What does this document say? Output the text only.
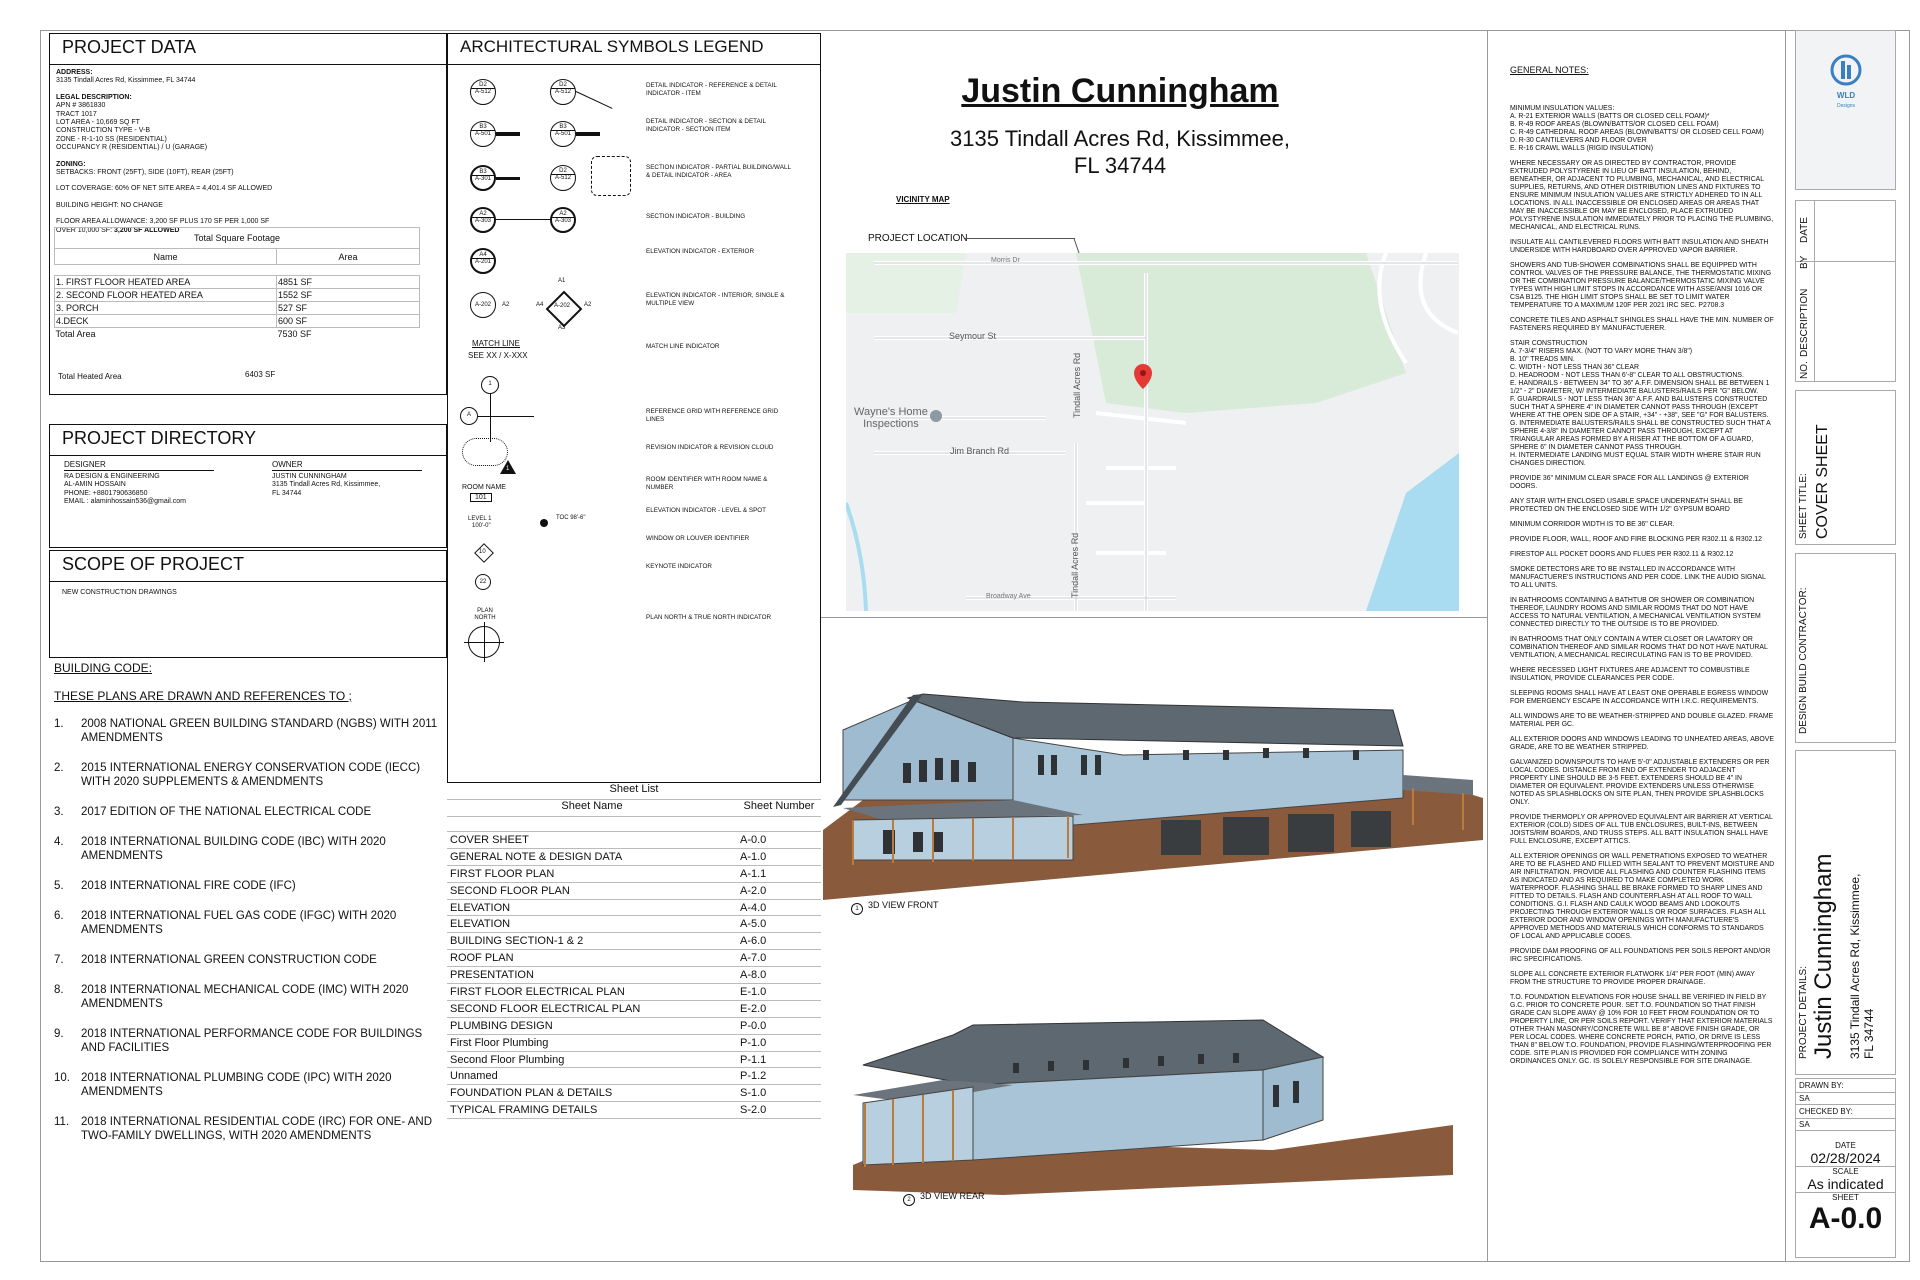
PROJECT DATA
ADDRESS:
3135 Tindall Acres Rd, Kissimmee, FL 34744
LEGAL DESCRIPTION:
APN # 3861830
TRACT 1017
LOT AREA - 10,669 SQ FT
CONSTRUCTION TYPE - V-B
ZONE - R-1-10 SS (RESIDENTIAL)
OCCUPANCY R (RESIDENTIAL) / U (GARAGE)
ZONING:
SETBACKS: FRONT (25FT), SIDE (10FT), REAR (25FT)
LOT COVERAGE: 60% OF NET SITE AREA = 4,401.4 SF ALLOWED
BUILDING HEIGHT: NO CHANGE
FLOOR AREA ALLOWANCE: 3,200 SF PLUS 170 SF PER 1,000 SF
OVER 10,000 SF: 3,200 SF ALLOWED
Total Square Footage	
Name	Area

1. FIRST FLOOR HEATED AREA	4851 SF
2. SECOND FLOOR HEATED AREA	1552 SF
3. PORCH	527 SF
4.DECK	600 SF
Total Area	7530 SF
Total Heated Area	6403 SF
PROJECT DIRECTORY
DESIGNER
RA DESIGN & ENGINEERING
AL-AMIN HOSSAIN
PHONE: +8801790636850
EMAIL : alaminhossain536@gmail.com
OWNER
JUSTIN CUNNINGHAM
3135 Tindall Acres Rd, Kissimmee,
FL 34744
SCOPE OF PROJECT
NEW CONSTRUCTION DRAWINGS
BUILDING CODE:
THESE PLANS ARE DRAWN AND REFERENCES TO ;
1.	2008 NATIONAL GREEN BUILDING STANDARD (NGBS) WITH 2011 AMENDMENTS
2.	2015 INTERNATIONAL ENERGY CONSERVATION CODE (IECC) WITH 2020 SUPPLEMENTS & AMENDMENTS
3.	2017 EDITION OF THE NATIONAL ELECTRICAL CODE
4.	2018 INTERNATIONAL BUILDING CODE (IBC) WITH 2020 AMENDMENTS
5.	2018 INTERNATIONAL FIRE CODE (IFC)
6.	2018 INTERNATIONAL FUEL GAS CODE (IFGC) WITH 2020 AMENDMENTS
7.	2018 INTERNATIONAL GREEN CONSTRUCTION CODE
8.	2018 INTERNATIONAL MECHANICAL CODE (IMC) WITH 2020 AMENDMENTS
9.	2018 INTERNATIONAL PERFORMANCE CODE FOR BUILDINGS AND FACILITIES
10. 2018 INTERNATIONAL PLUMBING CODE (IPC) WITH 2020 AMENDMENTS
11.	2018 INTERNATIONAL RESIDENTIAL CODE (IRC) FOR ONE- AND TWO-FAMILY DWELLINGS, WITH 2020 AMENDMENTS
ARCHITECTURAL SYMBOLS LEGEND
DETAIL INDICATOR - REFERENCE & DETAIL INDICATOR - ITEM
DETAIL INDICATOR - SECTION & DETAIL INDICATOR - SECTION ITEM
SECTION INDICATOR - PARTIAL BUILDING/WALL & DETAIL INDICATOR - AREA
SECTION INDICATOR - BUILDING
ELEVATION INDICATOR - EXTERIOR
ELEVATION INDICATOR - INTERIOR, SINGLE & MULTIPLE VIEW
MATCH LINE INDICATOR
REFERENCE GRID WITH REFERENCE GRID LINES
REVISION INDICATOR & REVISION CLOUD
ROOM IDENTIFIER WITH ROOM NAME & NUMBER
ELEVATION INDICATOR - LEVEL & SPOT
WINDOW OR LOUVER IDENTIFIER
KEYNOTE INDICATOR
PLAN NORTH & TRUE NORTH INDICATOR
D2
A-512
D2
A-512
B3
A-501
B3
A-501
B3
A-301
D2
A-512
A2
A-303
A2
A-303
A4
A-201
A-202	A2	A-202
A1
A4	A2
A3
MATCH LINE
SEE XX / X-XXX
1
A
1
ROOM NAME
101
LEVEL 1
100'-0"
TOC 98'-6"
10
22
PLAN NORTH
Sheet List
Sheet Name	Sheet Number
COVER SHEET	A-0.0
GENERAL NOTE & DESIGN DATA	A-1.0
FIRST FLOOR PLAN	A-1.1
SECOND FLOOR PLAN	A-2.0
ELEVATION	A-4.0
ELEVATION	A-5.0
BUILDING SECTION-1 & 2	A-6.0
ROOF PLAN	A-7.0
PRESENTATION	A-8.0
FIRST FLOOR ELECTRICAL PLAN	E-1.0
SECOND FLOOR ELECTRICAL PLAN	E-2.0
PLUMBING DESIGN	P-0.0
First Floor Plumbing	P-1.0
Second Floor Plumbing	P-1.1
Unnamed	P-1.2
FOUNDATION PLAN & DETAILS	S-1.0
TYPICAL FRAMING DETAILS	S-2.0
Justin Cunningham
3135 Tindall Acres Rd, Kissimmee,
FL 34744
VICINITY MAP
PROJECT LOCATION
Morris Dr
Seymour St
Tindall Acres Rd
Jim Branch Rd
Tindall Acres Rd
Broadway Ave
Wayne's Home
Inspections
1	3D VIEW FRONT
2	3D VIEW REAR
GENERAL NOTES:

MINIMUM INSULATION VALUES:
A. R-21 EXTERIOR WALLS (BATTS OR CLOSED CELL FOAM)*
B. R-49 ROOF AREAS (BLOWN/BATTS/OR CLOSED CELL FOAM)
C. R-49 CATHEDRAL ROOF AREAS (BLOWN/BATTS/ OR CLOSED CELL FOAM)
D. R-30 CANTILEVERS AND FLOOR OVER
E. R-16 CRAWL WALLS (RIGID INSULATION)

WHERE NECESSARY OR AS DIRECTED BY CONTRACTOR, PROVIDE EXTRUDED POLYSTYRENE IN LIEU OF BATT INSULATION, BEHIND, BENEATHER, OR ADJACENT TO PLUMBING, MECHANICAL, AND ELECTRICAL SUPPLIES, RETURNS, AND OTHER DISTRIBUTION LINES AND FIXTURES TO ENSURE MINIMUM INSULATION VALUES ARE STRICTLY ADHERED TO IN ALL LOCATIONS. IN ALL INACCESSIBLE OR ENCLOSED AREAS OR AREAS THAT MAY BE INACCESSIBLE OR MAY BE ENCLOSED, PLACE EXTRUDED POLYSTYRENE INSULATION IMMEDIATELY PRIOR TO PLACING THE PLUMBING, MECHANICAL, AND ELECTRICAL RUNS.

INSULATE ALL CANTILEVERED FLOORS WITH BATT INSULATION AND SHEATH UNDERSIDE WITH HARDBOARD OVER APPROVED VAPOR BARRIER.

SHOWERS AND TUB-SHOWER COMBINATIONS SHALL BE EQUIPPED WITH CONTROL VALVES OF THE PRESSURE BALANCE, THE THERMOSTATIC MIXING OR THE COMBINATION PRESSURE BALANCE/THERMOSTATIC MIXING VALVE TYPES WITH HIGH LIMIT STOPS IN ACCORDANCE WITH ASSE/ANSI 1016 OR CSA B125. THE HIGH LIMIT STOPS SHALL BE SET TO LIMIT WATER TEMPERATURE TO A MAXIMUM 120F PER 2021 IRC SEC. P2708.3

CONCRETE TILES AND ASPHALT SHINGLES SHALL HAVE THE MIN. NUMBER OF FASTENERS REQUIRED BY MANUFACTUERER.

STAIR CONSTRUCTION
A. 7-3/4" RISERS MAX. (NOT TO VARY MORE THAN 3/8")
B. 10" TREADS MIN.
C. WIDTH - NOT LESS THAN 36" CLEAR
D. HEADROOM - NOT LESS THAN 6'-8" CLEAR TO ALL OBSTRUCTIONS.
E. HANDRAILS - BETWEEN 34" TO 36" A.F.F. DIMENSION SHALL BE BETWEEN 1 1/2" - 2" DIAMETER, W/ INTERMEDIATE BALUSTERS/RAILS PER "G" BELOW.
F. GUARDRAILS - NOT LESS THAN 36" A.F.F. AND BALUSTERS CONSTRUCTED SUCH THAT A SPHERE 4" IN DIAMETER CANNOT PASS THROUGH (EXCEPT WHERE AT THE OPEN SIDE OF A STAIR, +34" - +38", SEE "G" FOR BALUSTERS.
G. INTERMEDIATE BALUSTERS/RAILS SHALL BE CONSTRUCTED SUCH THAT A SPHERE 4-3/8" IN DIAMETER CANNOT PASS THROUGH, EXCEPT AT TRIANGULAR AREAS FORMED BY A RISER AT THE BOTTOM OF A GUARD, SPHERE 6" IN DIAMETER CANNOT PASS THROUGH.
H. INTERMEDIATE LANDING MUST EQUAL STAIR WIDTH WHERE STAIR RUN CHANGES DIRECTION.

PROVIDE 36" MINIMUM CLEAR SPACE FOR ALL LANDINGS @ EXTERIOR DOORS.

ANY STAIR WITH ENCLOSED USABLE SPACE UNDERNEATH SHALL BE PROTECTED ON THE ENCLOSED SIDE WITH 1/2" GYPSUM BOARD

MINIMUM CORRIDOR WIDTH IS TO BE 36" CLEAR.

PROVIDE FLOOR, WALL, ROOF AND FIRE BLOCKING PER R302.11 & R302.12

FIRESTOP ALL POCKET DOORS AND FLUES PER R302.11 & R302.12

SMOKE DETECTORS ARE TO BE INSTALLED IN ACCORDANCE WITH MANUFACTUERE'S INSTRUCTIONS AND PER CODE. LINK THE AUDIO SIGNAL TO ALL UNITS.

IN BATHROOMS CONTAINING A BATHTUB OR SHOWER OR COMBINATION THEREOF, LAUNDRY ROOMS AND SIMILAR ROOMS THAT DO NOT HAVE ACCESS TO NATURAL VENTILATION, A MECHANICAL VENTILATION SYSTEM CONNECTED DIRECTLY TO THE OUTSIDE IS TO BE PROVIDED.

IN BATHROOMS THAT ONLY CONTAIN A WTER CLOSET OR LAVATORY OR COMBINATION THEREOF AND SIMILAR ROOMS THAT DO NOT HAVE NATURAL VENTILATION, A MECHANICAL RECIRCULATING FAN IS TO BE PROVIDED.

WHERE RECESSED LIGHT FIXTURES ARE ADJACENT TO COMBUSTIBLE INSULATION, PROVIDE CLEARANCES PER CODE.

SLEEPING ROOMS SHALL HAVE AT LEAST ONE OPERABLE EGRESS WINDOW FOR EMERGENCY ESCAPE IN ACCORDANCE WITH I.R.C. REQUIREMENTS.

ALL WINDOWS ARE TO BE WEATHER-STRIPPED AND DOUBLE GLAZED. FRAME MATERIAL PER GC.

ALL EXTERIOR DOORS AND WINDOWS LEADING TO UNHEATED AREAS, ABOVE GRADE, ARE TO BE WEATHER STRIPPED.

GALVANIZED DOWNSPOUTS TO HAVE 5'-0" ADJUSTABLE EXTENDERS OR PER LOCAL CODES. DISTANCE FROM END OF EXTENDER TO ADJACENT PROPERTY LINE SHOULD BE 3-5 FEET. EXTENDERS SHOULD BE 4" IN DIAMETER OR EQUIVALENT. PROVIDE EXTENDERS UNLESS OTHERWISE NOTED AS SPLASHBLOCKS ON SITE PLAN, THEN PROVIDE SPLASHBLOCKS ONLY.

PROVIDE THERMOPLY OR APPROVED EQUIVALENT AIR BARRIER AT VERTICAL EXTERIOR (COLD) SIDES OF ALL TUB ENCLOSURES, BUILT-INS, BETWEEN JOISTS/RIM BOARDS, AND TRUSS STEPS. ALL BATT INSULATION SHALL HAVE FULL ENCLOSURE, EXCEPT ATTICS.

ALL EXTERIOR OPENINGS OR WALL PENETRATIONS EXPOSED TO WEATHER ARE TO BE FLASHED AND FILLED WITH SEALANT TO PREVENT MOISTURE AND AIR INFILTRATION. PROVIDE ALL FLASHING AND COUNTER FLASHING ITEMS AS INDICATED AND AS REQUIRED TO MAKE COMPLETED WORK WATERPROOF. FLASHING SHALL BE BRAKE FORMED TO SHARP LINES AND FITTED TO DETAILS. FLASH AND COUNTERFLASH AT ALL ROOF TO WALL CONDITIONS. G.I. FLASH AND CAULK WOOD BEAMS AND LOOKOUTS PROJECTING THROUGH EXTERIOR WALLS OR ROOF SURFACES. FLASH ALL EXTERIOR DOOR AND WINDOW OPENINGS WITH MANUFACTUERE'S APPROVED METHODS AND MATERIALS WHICH CONFORMS TO STANDARDS OF LOCAL AND APPLICABLE CODES.

PROVIDE DAM PROOFING OF ALL FOUNDATIONS PER SOILS REPORT AND/OR IRC SPECIFICATIONS.

SLOPE ALL CONCRETE EXTERIOR FLATWORK 1/4" PER FOOT (MIN) AWAY FROM THE STRUCTURE TO PROVIDE PROPER DRAINAGE.

T.O. FOUNDATION ELEVATIONS FOR HOUSE SHALL BE VERIFIED IN FIELD BY G.C. PRIOR TO CONCRETE POUR. SET T.O. FOUNDATION SO THAT FINISH GRADE CAN SLOPE AWAY @ 10% FOR 10 FEET FROM FOUNDATION OR TO PROPERTY LINE, OR PER SOILS REPORT. VERIFY THAT EXTERIOR MATERIALS OTHER THAN MASONRY/CONCRETE WILL BE 8" ABOVE FINISH GRADE, OR PER LOCAL CODES. WHERE CONCRETE PORCH, PATIO, OR DRIVE IS LESS THAN 8" BELOW T.O. FOUNDATION, PROVIDE FLASHING/WTERPROOFING PER CODE. SITE PLAN IS PROVIDED FOR COMPLIANCE WITH ZONING ORDINANCES ONLY. GC. IS SOLELY RESPONSIBLE FOR SITE DRAINAGE.

WLD
Designs
NO.
DESCRIPTION
BY
DATE
SHEET TITLE: COVER SHEET
DESIGN BUILD CONTRACTOR:
PROJECT DETAILS: Justin Cunningham 3135 Tindall Acres Rd, Kissimmee, FL 34744
DRAWN BY:
SA
CHECKED BY:
SA
DATE
02/28/2024
SCALE
As indicated
SHEET
A-0.0
